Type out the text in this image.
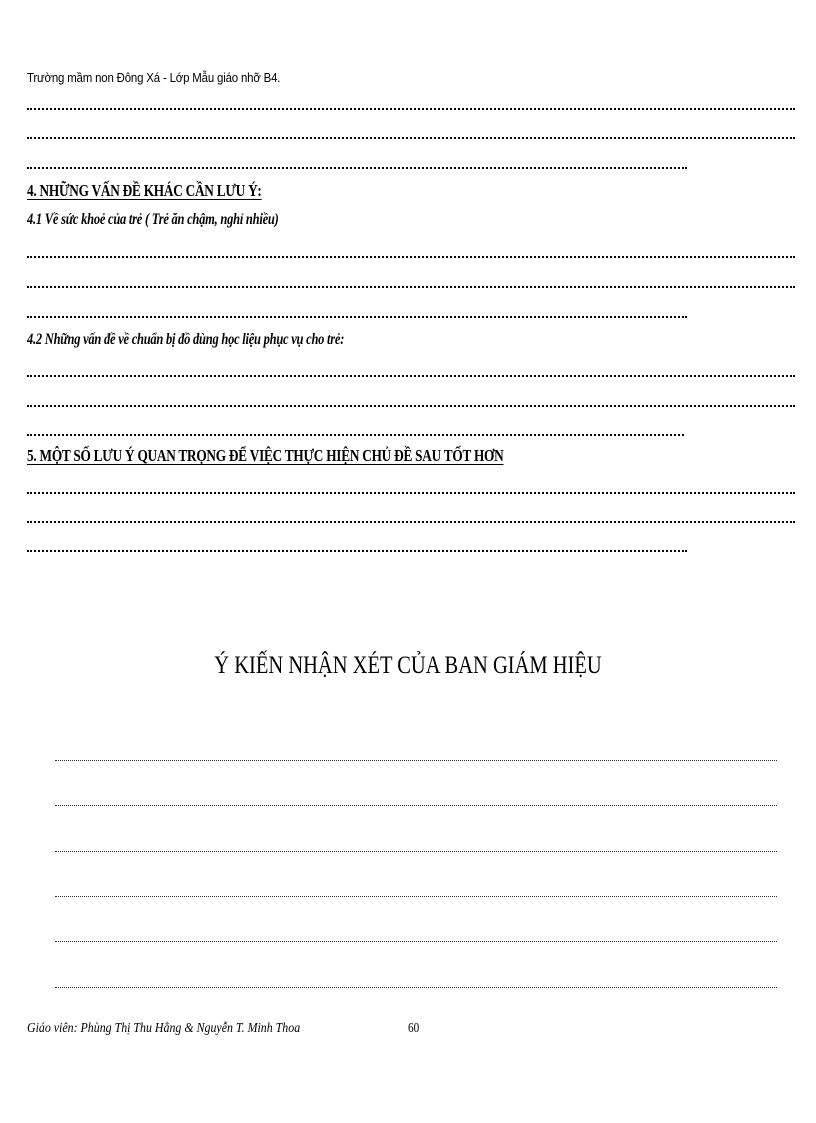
Trường mầm non Đông Xá - Lớp Mẫu giáo nhỡ B4.
4. NHỮNG VẤN ĐỀ KHÁC CẦN LƯU Ý:
4.1 Về sức khoẻ của trẻ ( Trẻ ăn chậm, nghỉ nhiều)
4.2 Những vấn đề về chuẩn bị đồ dùng học liệu phục vụ cho trẻ:
5. MỘT SỐ LƯU Ý QUAN TRỌNG ĐỂ VIỆC THỰC HIỆN CHỦ ĐỀ SAU TỐT HƠN
Ý KIẾN NHẬN XÉT CỦA BAN GIÁM HIỆU
Giáo viên: Phùng Thị Thu Hằng & Nguyễn T. Minh Thoa	60
